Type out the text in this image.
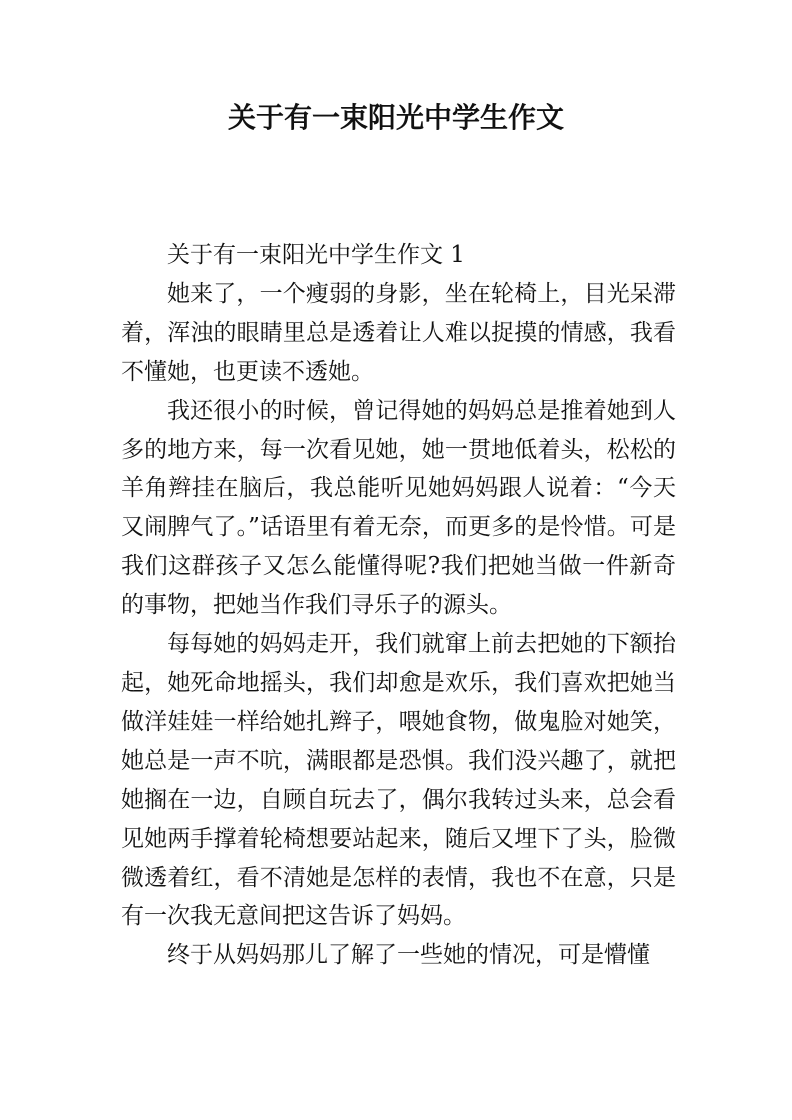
关于有一束阳光中学生作文

关于有一束阳光中学生作文 1

她来了，一个瘦弱的身影，坐在轮椅上，目光呆滞着，浑浊的眼睛里总是透着让人难以捉摸的情感，我看不懂她，也更读不透她。

我还很小的时候，曾记得她的妈妈总是推着她到人多的地方来，每一次看见她，她一贯地低着头，松松的羊角辫挂在脑后，我总能听见她妈妈跟人说着：“今天又闹脾气了。”话语里有着无奈，而更多的是怜惜。可是我们这群孩子又怎么能懂得呢?我们把她当做一件新奇的事物，把她当作我们寻乐子的源头。

每每她的妈妈走开，我们就窜上前去把她的下额抬起，她死命地摇头，我们却愈是欢乐，我们喜欢把她当做洋娃娃一样给她扎辫子，喂她食物，做鬼脸对她笑，她总是一声不吭，满眼都是恐惧。我们没兴趣了，就把她搁在一边，自顾自玩去了，偶尔我转过头来，总会看见她两手撑着轮椅想要站起来，随后又埋下了头，脸微微透着红，看不清她是怎样的表情，我也不在意，只是有一次我无意间把这告诉了妈妈。

终于从妈妈那儿了解了一些她的情况，可是懵懂
